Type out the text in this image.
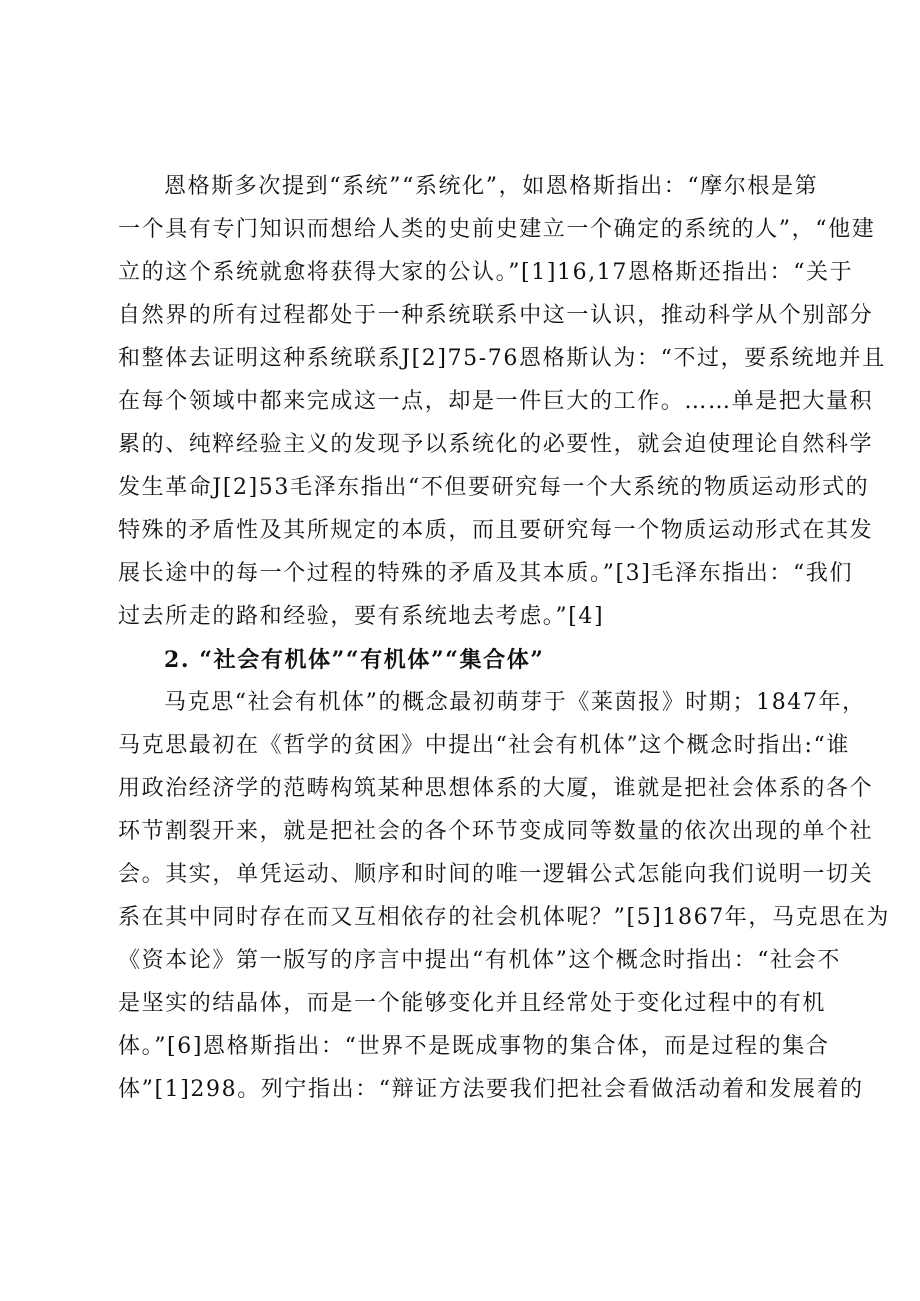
恩格斯多次提到“系统”“系统化”，如恩格斯指出：“摩尔根是第
一个具有专门知识而想给人类的史前史建立一个确定的系统的人”，“他建
立的这个系统就愈将获得大家的公认。”[1]16,17恩格斯还指出：“关于
自然界的所有过程都处于一种系统联系中这一认识，推动科学从个别部分
和整体去证明这种系统联系J[2]75-76恩格斯认为：“不过，要系统地并且
在每个领域中都来完成这一点，却是一件巨大的工作。……单是把大量积
累的、纯粹经验主义的发现予以系统化的必要性，就会迫使理论自然科学
发生革命J[2]53毛泽东指出“不但要研究每一个大系统的物质运动形式的
特殊的矛盾性及其所规定的本质，而且要研究每一个物质运动形式在其发
展长途中的每一个过程的特殊的矛盾及其本质。”[3]毛泽东指出：“我们
过去所走的路和经验，要有系统地去考虑。”[4]
2. “社会有机体”“有机体”“集合体”
马克思“社会有机体”的概念最初萌芽于《莱茵报》时期；1847年，
马克思最初在《哲学的贫困》中提出“社会有机体”这个概念时指出:“谁
用政治经济学的范畴构筑某种思想体系的大厦，谁就是把社会体系的各个
环节割裂开来，就是把社会的各个环节变成同等数量的依次出现的单个社
会。其实，单凭运动、顺序和时间的唯一逻辑公式怎能向我们说明一切关
系在其中同时存在而又互相依存的社会机体呢？”[5]1867年，马克思在为
《资本论》第一版写的序言中提出“有机体”这个概念时指出：“社会不
是坚实的结晶体，而是一个能够变化并且经常处于变化过程中的有机
体。”[6]恩格斯指出：“世界不是既成事物的集合体，而是过程的集合
体”[1]298。列宁指出：“辩证方法要我们把社会看做活动着和发展着的
